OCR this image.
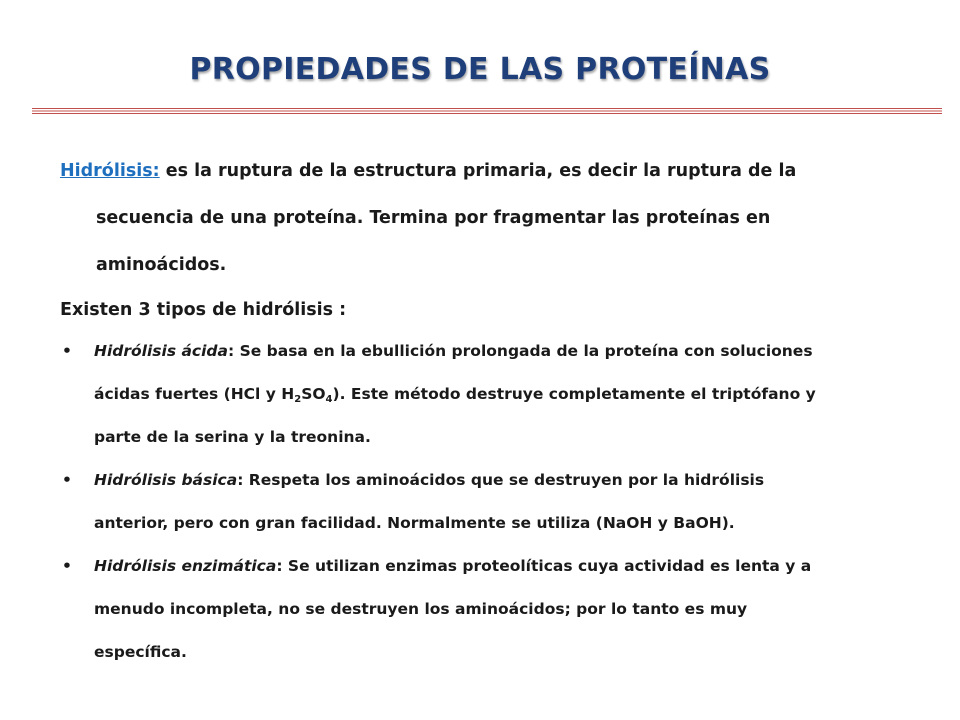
PROPIEDADES DE LAS PROTEÍNAS
Hidrólisis: es la ruptura de la estructura primaria, es decir la ruptura de la
secuencia de una proteína. Termina por fragmentar las proteínas en
aminoácidos.
Existen 3 tipos de hidrólisis :
• Hidrólisis ácida: Se basa en la ebullición prolongada de la proteína con soluciones
ácidas fuertes (HCl y $H_2SO_4$). Este método destruye completamente el triptófano y
parte de la serina y la treonina.
• Hidrólisis básica: Respeta los aminoácidos que se destruyen por la hidrólisis
anterior, pero con gran facilidad. Normalmente se utiliza (NaOH y BaOH).
• Hidrólisis enzimática: Se utilizan enzimas proteolíticas cuya actividad es lenta y a
menudo incompleta, no se destruyen los aminoácidos; por lo tanto es muy
específica.
